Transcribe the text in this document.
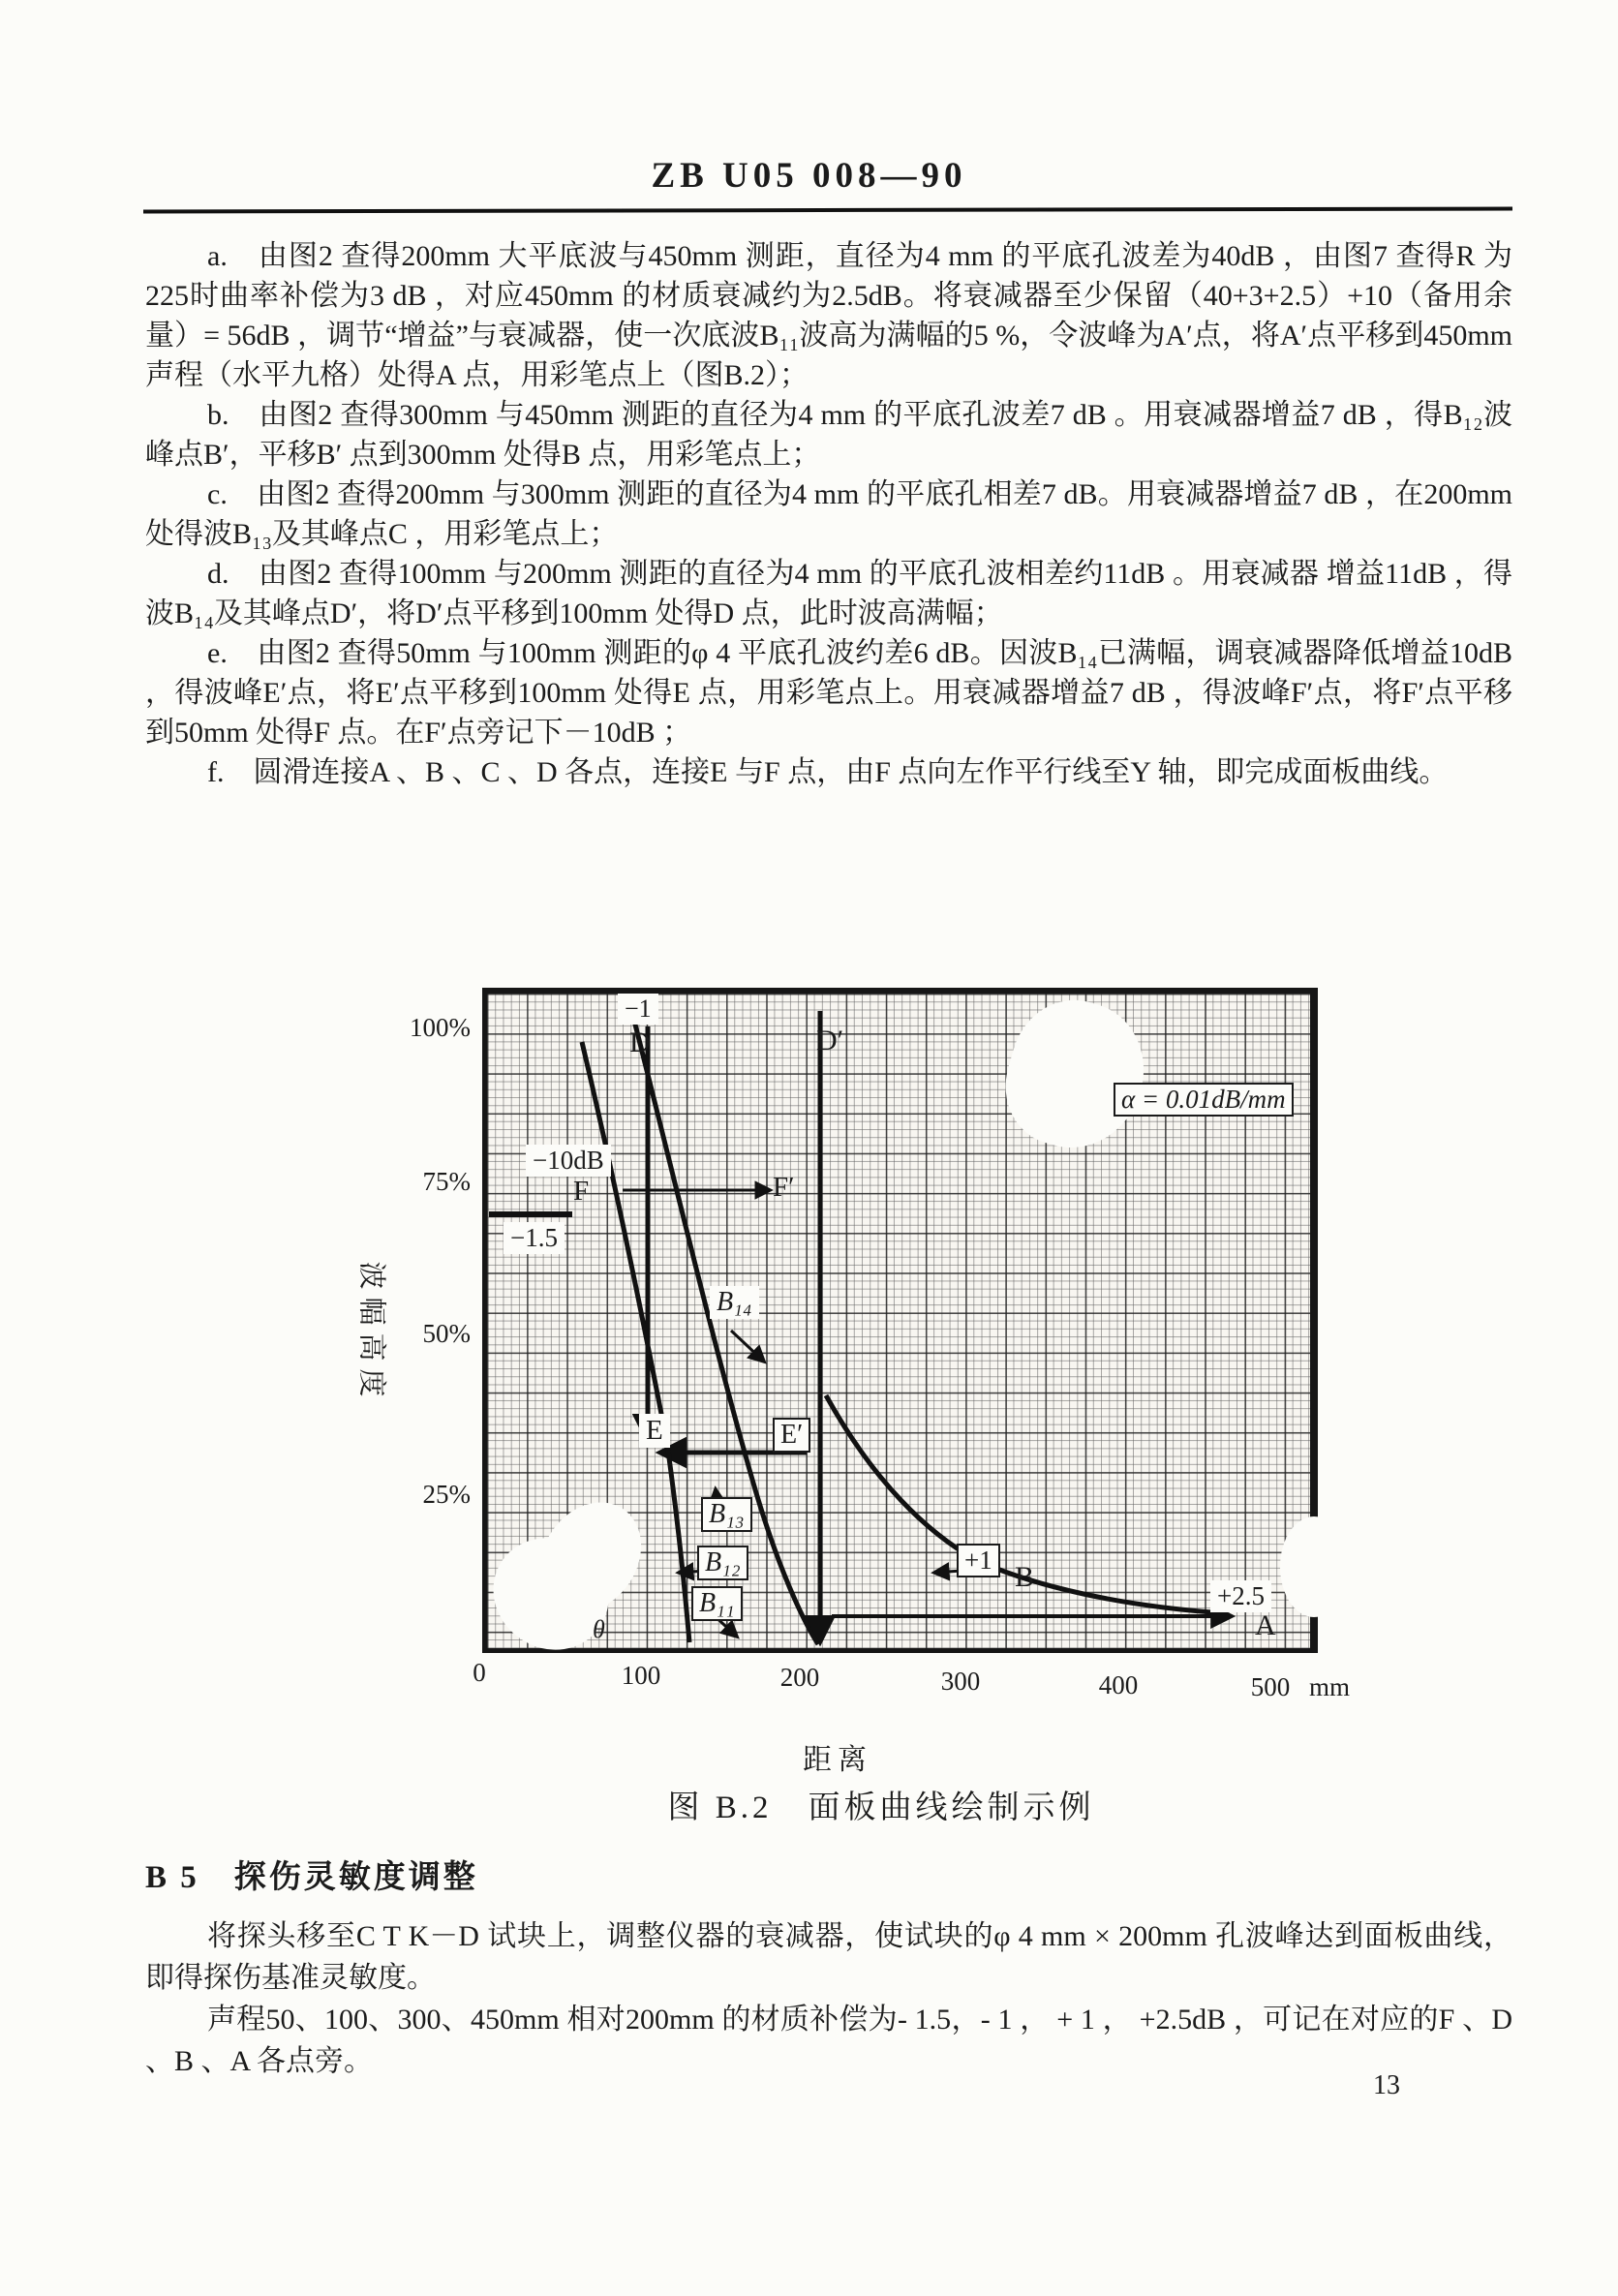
ZB U05 008—90

a.　由图2 查得200mm 大平底波与450mm 测距，直径为4 mm 的平底孔波差为40dB ，由图7 查得R 为225时曲率补偿为3 dB ，对应450mm 的材质衰减约为2.5dB。将衰减器至少保留（40+3+2.5）+10（备用余量）= 56dB ，调节“增益”与衰减器，使一次底波B₁₁波高为满幅的5 %，令波峰为A′点，将A′点平移到450mm 声程（水平九格）处得A 点，用彩笔点上（图B.2）；

b.　由图2 查得300mm 与450mm 测距的直径为4 mm 的平底孔波差7 dB 。用衰减器增益7 dB ，得B₁₂波峰点B′，平移B′ 点到300mm 处得B 点，用彩笔点上；

c.　由图2 查得200mm 与300mm 测距的直径为4 mm 的平底孔相差7 dB。用衰减器增益7 dB ，在200mm 处得波B₁₃及其峰点C ，用彩笔点上；

d.　由图2 查得100mm 与200mm 测距的直径为4 mm 的平底孔波相差约11dB 。用衰减器 增益11dB ，得波B₁₄及其峰点D′，将D′点平移到100mm 处得D 点，此时波高满幅；

e.　由图2 查得50mm 与100mm 测距的φ 4 平底孔波约差6 dB。因波B₁₄已满幅，调衰减器降低增益10dB ，得波峰E′点，将E′点平移到100mm 处得E 点，用彩笔点上。用衰减器增益7 dB ，得波峰F′点，将F′点平移到50mm 处得F 点。在F′点旁记下－10dB ；

f.　圆滑连接A 、B 、C 、D 各点，连接E 与F 点，由F 点向左作平行线至Y 轴，即完成面板曲线。

波幅高度
100%
75%
50%
25%
−1
D	D′
α = 0.01dB/mm
−10dB
F	F′
−1.5
B₁₄
E	E′
B₁₃
B₁₂
B₁₁
θ
+1
B
+2.5
A
0	100	200	300	400	500 mm
距离
图 B.2　面板曲线绘制示例
B 5　探伤灵敏度调整

将探头移至C T K－D 试块上，调整仪器的衰减器，使试块的φ 4 mm × 200mm 孔波峰达到面板曲线，即得探伤基准灵敏度。

声程50、100、300、450mm 相对200mm 的材质补偿为- 1.5，- 1 ， + 1 ， +2.5dB ，可记在对应的F 、D 、B 、A 各点旁。

13
